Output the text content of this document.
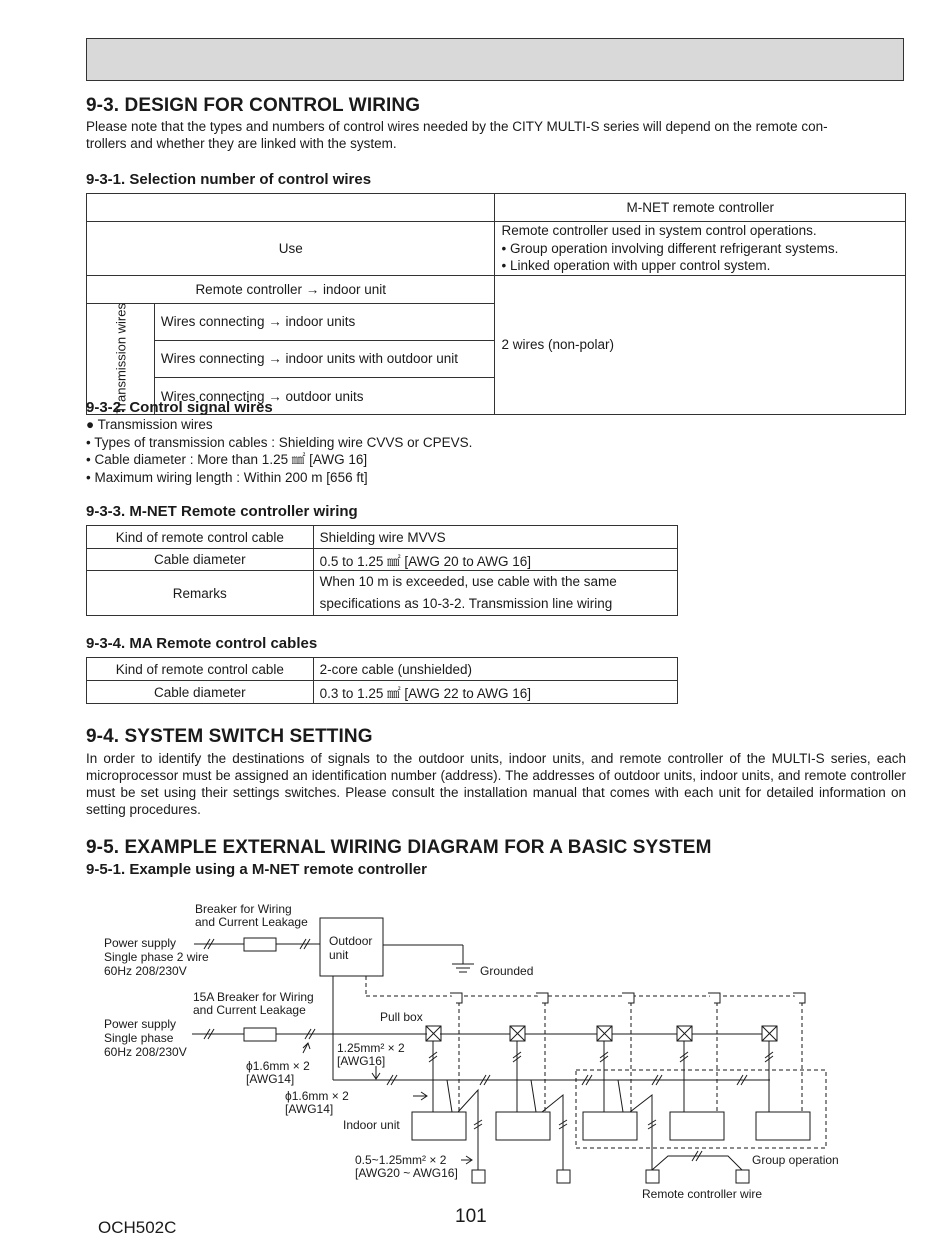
9-3. DESIGN FOR CONTROL WIRING

Please note that the types and numbers of control wires needed by the CITY MULTI-S series will depend on the remote con-
trollers and whether they are linked with the system.

9-3-1. Selection number of control wires
		M-NET remote controller
Use		Remote controller used in system control operations.
• Group operation involving different refrigerant systems.
• Linked operation with upper control system.
Remote controller → indoor unit		2 wires (non-polar)
Transmission wires	Wires connecting → indoor units	
	Wires connecting → indoor units with outdoor unit	
	Wires connecting → outdoor units	
9-3-2. Control signal wires
● Transmission wires
• Types of transmission cables : Shielding wire CVVS or CPEVS.
• Cable diameter : More than 1.25 ㎟ [AWG 16]
• Maximum wiring length : Within 200 m [656 ft]
9-3-3. M-NET Remote controller wiring
Kind of remote control cable	Shielding wire MVVS
Cable diameter	0.5 to 1.25 ㎟ [AWG 20 to AWG 16]
Remarks	When 10 m is exceeded, use cable with the same
specifications as 10-3-2. Transmission line wiring
9-3-4. MA Remote control cables
Kind of remote control cable	2-core cable (unshielded)
Cable diameter	0.3 to 1.25 ㎟ [AWG 22 to AWG 16]
9-4. SYSTEM SWITCH SETTING

In order to identify the destinations of signals to the outdoor units, indoor units, and remote controller of the MULTI-S series, each microprocessor must be assigned an identification number (address). The addresses of outdoor units, indoor units, and remote controller must be set using their settings switches. Please consult the installation manual that comes with each unit for detailed information on setting procedures.

9-5. EXAMPLE EXTERNAL WIRING DIAGRAM FOR A BASIC SYSTEM
9-5-1. Example using a M-NET remote controller
Breaker for Wiring
and Current Leakage
Power supply
Single phase 2 wire
60Hz 208/230V
Outdoor
unit
Grounded
15A Breaker for Wiring
and Current Leakage	Pull box
Power supply
Single phase
60Hz 208/230V	1.25mm² × 2
[AWG16]
ϕ1.6mm × 2
[AWG14]
ϕ1.6mm × 2
[AWG14]
Indoor unit
0.5~1.25mm² × 2
[AWG20 ~ AWG16]
Group operation
Remote controller wire
OCH502C
101
